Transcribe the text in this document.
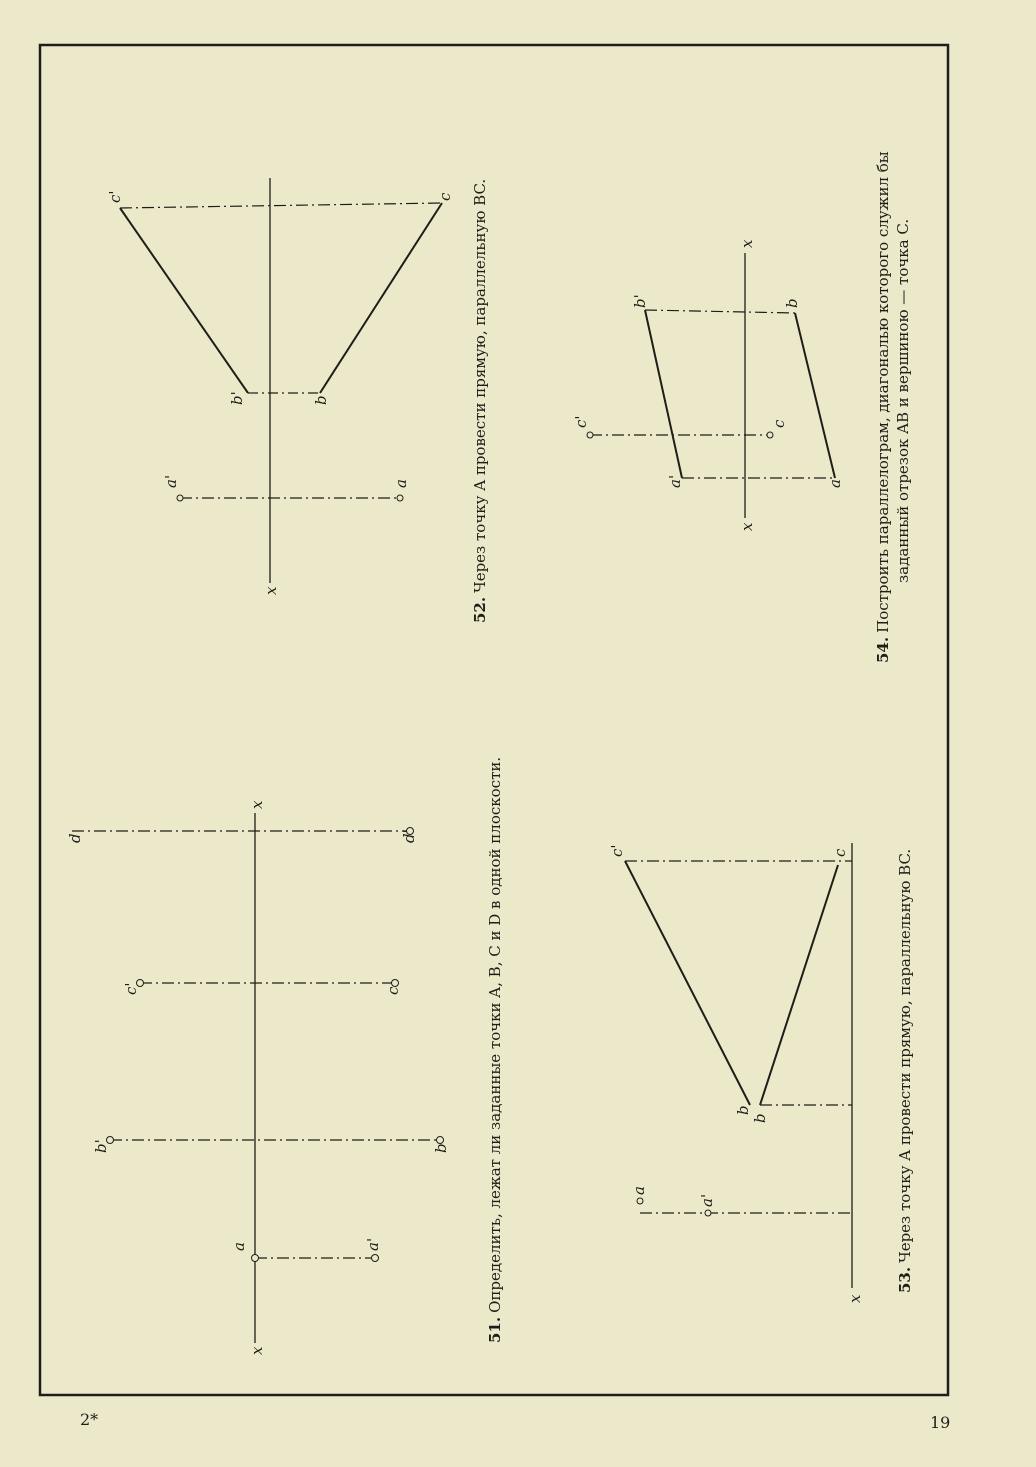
2*	19
x
x
a	a'
b'	b
c'	c
d	d'
51.Определить, лежат ли заданные точки A, B, C и D в одной плоскости.	x
a
a'
b
b
c'	c
53.Через точку A провести прямую, параллельную BC.
x
a'	a
b'	b
c'	c
52.Через точку A провести прямую, параллельную BC.	x
x
a'	a
b'	b
c'	c
54.Построить параллелограм, диагональю которого служил бы заданный отрезок AB и вершиною — точка C.
